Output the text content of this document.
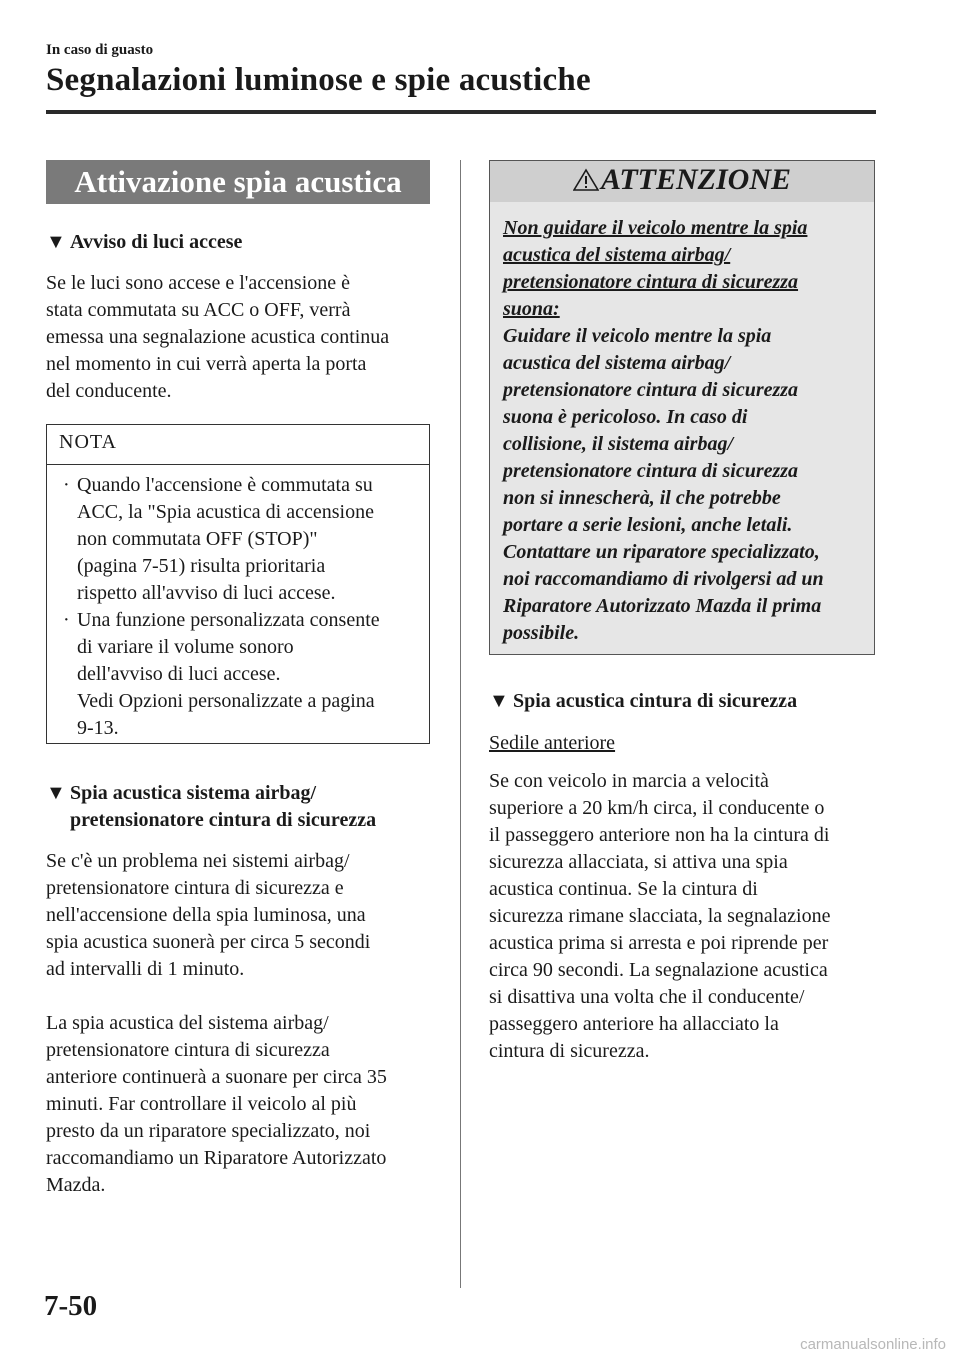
In caso di guasto
Segnalazioni luminose e spie acustiche
Attivazione spia acustica
▼ Avviso di luci accese
Se le luci sono accese e l'accensione è
stata commutata su ACC o OFF, verrà
emessa una segnalazione acustica continua
nel momento in cui verrà aperta la porta
del conducente.
NOTA
· Quando l'accensione è commutata su
ACC, la "Spia acustica di accensione
non commutata OFF (STOP)"
(pagina 7-51) risulta prioritaria
rispetto all'avviso di luci accese.
· Una funzione personalizzata consente
di variare il volume sonoro
dell'avviso di luci accese.
Vedi Opzioni personalizzate a pagina
9-13.
▼ Spia acustica sistema airbag/
pretensionatore cintura di sicurezza
Se c'è un problema nei sistemi airbag/
pretensionatore cintura di sicurezza e
nell'accensione della spia luminosa, una
spia acustica suonerà per circa 5 secondi
ad intervalli di 1 minuto.
La spia acustica del sistema airbag/
pretensionatore cintura di sicurezza
anteriore continuerà a suonare per circa 35
minuti. Far controllare il veicolo al più
presto da un riparatore specializzato, noi
raccomandiamo un Riparatore Autorizzato
Mazda.
ATTENZIONE
Non guidare il veicolo mentre la spia
acustica del sistema airbag/
pretensionatore cintura di sicurezza
suona:
Guidare il veicolo mentre la spia
acustica del sistema airbag/
pretensionatore cintura di sicurezza
suona è pericoloso. In caso di
collisione, il sistema airbag/
pretensionatore cintura di sicurezza
non si innescherà, il che potrebbe
portare a serie lesioni, anche letali.
Contattare un riparatore specializzato,
noi raccomandiamo di rivolgersi ad un
Riparatore Autorizzato Mazda il prima
possibile.
▼ Spia acustica cintura di sicurezza
Sedile anteriore
Se con veicolo in marcia a velocità
superiore a 20 km/h circa, il conducente o
il passeggero anteriore non ha la cintura di
sicurezza allacciata, si attiva una spia
acustica continua. Se la cintura di
sicurezza rimane slacciata, la segnalazione
acustica prima si arresta e poi riprende per
circa 90 secondi. La segnalazione acustica
si disattiva una volta che il conducente/
passeggero anteriore ha allacciato la
cintura di sicurezza.
7-50
carmanualsonline.info
